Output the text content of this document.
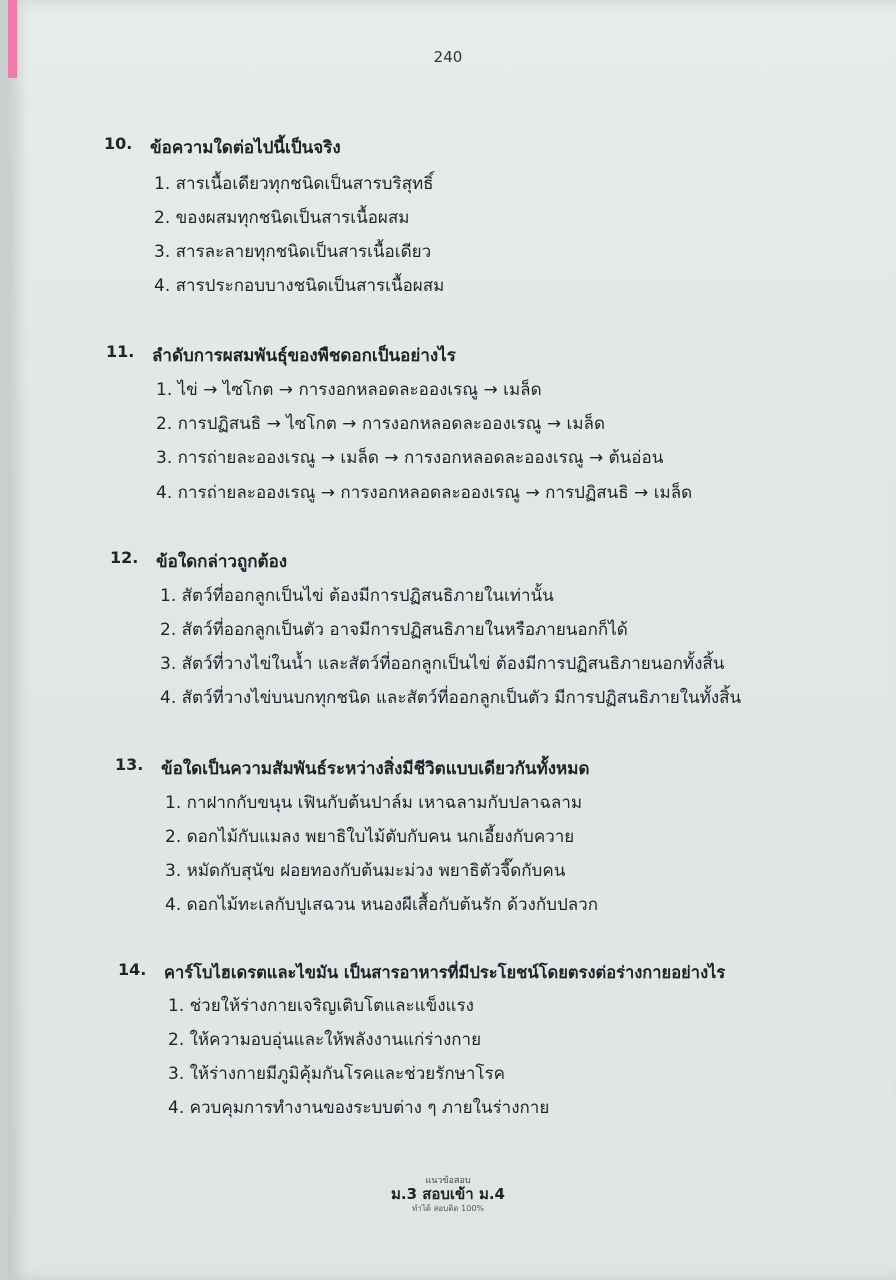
240
10. ข้อความใดต่อไปนี้เป็นจริง
1. สารเนื้อเดียวทุกชนิดเป็นสารบริสุทธิ์
2. ของผสมทุกชนิดเป็นสารเนื้อผสม
3. สารละลายทุกชนิดเป็นสารเนื้อเดียว
4. สารประกอบบางชนิดเป็นสารเนื้อผสม
11. ลำดับการผสมพันธุ์ของพืชดอกเป็นอย่างไร
1. ไข่ → ไซโกต → การงอกหลอดละอองเรณู → เมล็ด
2. การปฏิสนธิ → ไซโกต → การงอกหลอดละอองเรณู → เมล็ด
3. การถ่ายละอองเรณู → เมล็ด → การงอกหลอดละอองเรณู → ต้นอ่อน
4. การถ่ายละอองเรณู → การงอกหลอดละอองเรณู → การปฏิสนธิ → เมล็ด
12. ข้อใดกล่าวถูกต้อง
1. สัตว์ที่ออกลูกเป็นไข่ ต้องมีการปฏิสนธิภายในเท่านั้น
2. สัตว์ที่ออกลูกเป็นตัว อาจมีการปฏิสนธิภายในหรือภายนอกก็ได้
3. สัตว์ที่วางไข่ในน้ำ และสัตว์ที่ออกลูกเป็นไข่ ต้องมีการปฏิสนธิภายนอกทั้งสิ้น
4. สัตว์ที่วางไข่บนบกทุกชนิด และสัตว์ที่ออกลูกเป็นตัว มีการปฏิสนธิภายในทั้งสิ้น
13. ข้อใดเป็นความสัมพันธ์ระหว่างสิ่งมีชีวิตแบบเดียวกันทั้งหมด
1. กาฝากกับขนุน เฟินกับต้นปาล์ม เหาฉลามกับปลาฉลาม
2. ดอกไม้กับแมลง พยาธิใบไม้ตับกับคน นกเอี้ยงกับควาย
3. หมัดกับสุนัข ฝอยทองกับต้นมะม่วง พยาธิตัวจี๊ดกับคน
4. ดอกไม้ทะเลกับปูเสฉวน หนองผีเสื้อกับต้นรัก ด้วงกับปลวก
14. คาร์โบไฮเดรตและไขมัน เป็นสารอาหารที่มีประโยชน์โดยตรงต่อร่างกายอย่างไร
1. ช่วยให้ร่างกายเจริญเติบโตและแข็งแรง
2. ให้ความอบอุ่นและให้พลังงานแก่ร่างกาย
3. ให้ร่างกายมีภูมิคุ้มกันโรคและช่วยรักษาโรค
4. ควบคุมการทำงานของระบบต่าง ๆ ภายในร่างกาย
แนวข้อสอบ
ม.3 สอบเข้า ม.4
ทำได้ สอบติด 100%
